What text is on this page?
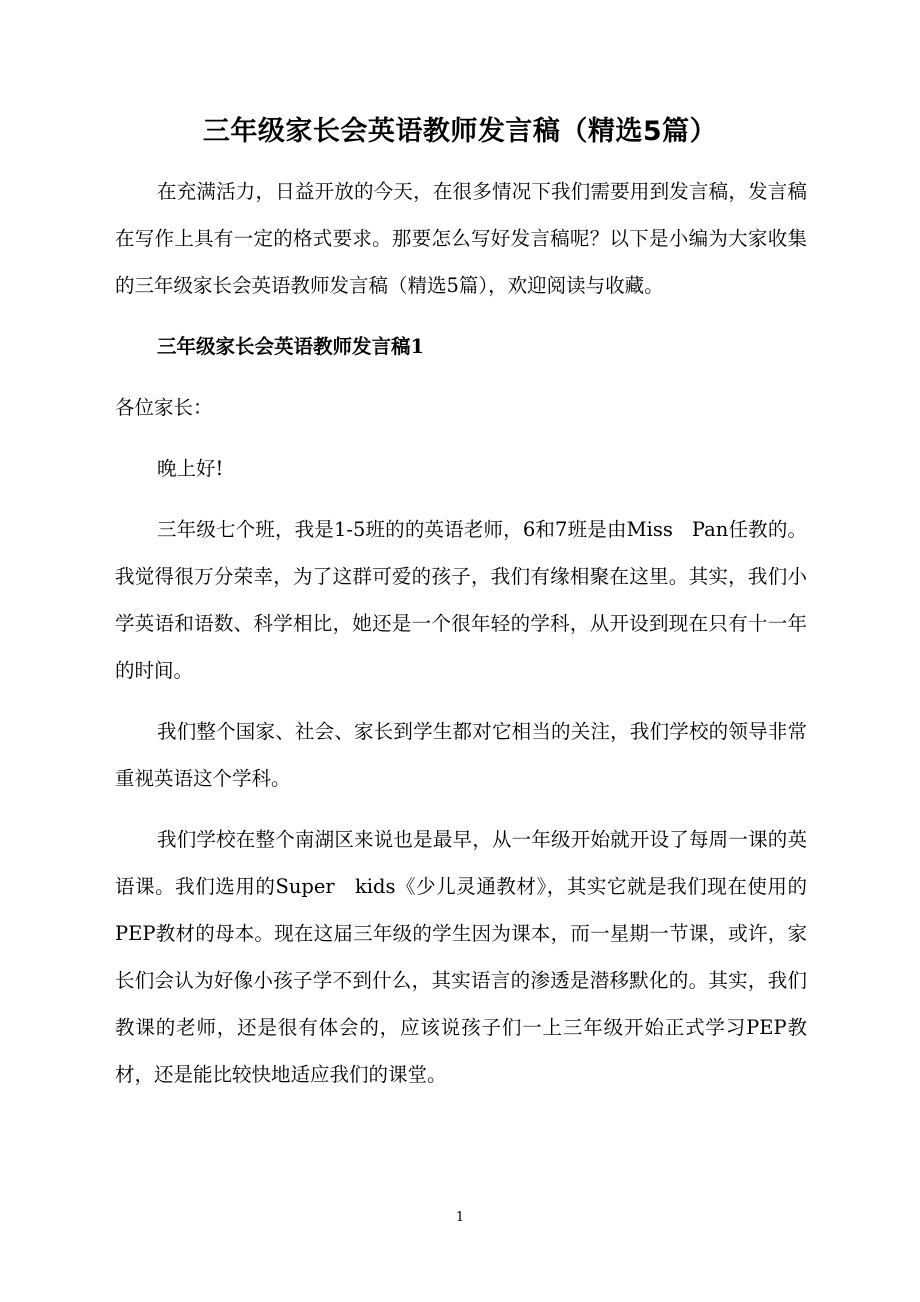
三年级家长会英语教师发言稿（精选5篇）

在充满活力，日益开放的今天，在很多情况下我们需要用到发言稿，发言稿在写作上具有一定的格式要求。那要怎么写好发言稿呢？以下是小编为大家收集的三年级家长会英语教师发言稿（精选5篇），欢迎阅读与收藏。

三年级家长会英语教师发言稿1

各位家长：

晚上好!

三年级七个班，我是1-5班的的英语老师，6和7班是由Miss   Pan任教的。我觉得很万分荣幸，为了这群可爱的孩子，我们有缘相聚在这里。其实，我们小学英语和语数、科学相比，她还是一个很年轻的学科，从开设到现在只有十一年的时间。

我们整个国家、社会、家长到学生都对它相当的关注，我们学校的领导非常重视英语这个学科。

我们学校在整个南湖区来说也是最早，从一年级开始就开设了每周一课的英语课。我们选用的Super   kids《少儿灵通教材》，其实它就是我们现在使用的PEP教材的母本。现在这届三年级的学生因为课本，而一星期一节课，或许，家长们会认为好像小孩子学不到什么，其实语言的渗透是潜移默化的。其实，我们教课的老师，还是很有体会的，应该说孩子们一上三年级开始正式学习PEP教材，还是能比较快地适应我们的课堂。

1
